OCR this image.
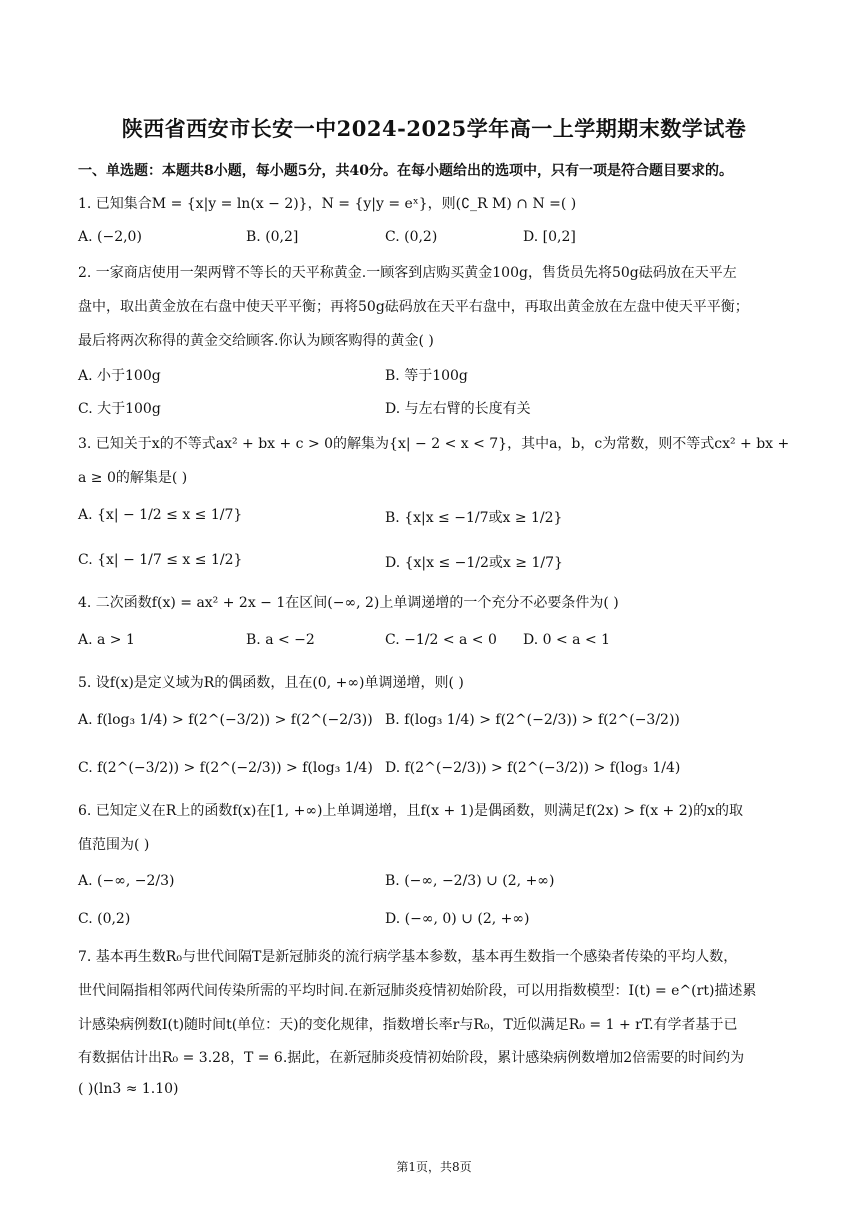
陕西省西安市长安一中2024-2025学年高一上学期期末数学试卷
一、单选题：本题共8小题，每小题5分，共40分。在每小题给出的选项中，只有一项是符合题目要求的。
1. 已知集合M = {x|y = ln(x − 2)}，N = {y|y = eˣ}，则(∁_R M) ∩ N =( )
A. (−2,0)	B. (0,2]	C. (0,2)	D. [0,2]
2. 一家商店使用一架两臂不等长的天平称黄金.一顾客到店购买黄金100g，售货员先将50g砝码放在天平左
盘中，取出黄金放在右盘中使天平平衡；再将50g砝码放在天平右盘中，再取出黄金放在左盘中使天平平衡；
最后将两次称得的黄金交给顾客.你认为顾客购得的黄金( )
A. 小于100g	B. 等于100g
C. 大于100g	D. 与左右臂的长度有关
3. 已知关于x的不等式ax² + bx + c > 0的解集为{x| − 2 < x < 7}，其中a，b，c为常数，则不等式cx² + bx +
a ≥ 0的解集是( )
A. {x| − 1/2 ≤ x ≤ 1/7}	B. {x|x ≤ −1/7或x ≥ 1/2}
C. {x| − 1/7 ≤ x ≤ 1/2}	D. {x|x ≤ −1/2或x ≥ 1/7}
4. 二次函数f(x) = ax² + 2x − 1在区间(−∞, 2)上单调递增的一个充分不必要条件为( )
A. a > 1	B. a < −2	C. −1/2 < a < 0 D. 0 < a < 1
5. 设f(x)是定义域为R的偶函数，且在(0, +∞)单调递增，则( )
A. f(log₃ 1/4) > f(2^(−3/2)) > f(2^(−2/3)) B. f(log₃ 1/4) > f(2^(−2/3)) > f(2^(−3/2))
C. f(2^(−3/2)) > f(2^(−2/3)) > f(log₃ 1/4) D. f(2^(−2/3)) > f(2^(−3/2)) > f(log₃ 1/4)
6. 已知定义在R上的函数f(x)在[1, +∞)上单调递增，且f(x + 1)是偶函数，则满足f(2x) > f(x + 2)的x的取
值范围为( )
A. (−∞, −2/3)	B. (−∞, −2/3) ∪ (2, +∞)
C. (0,2)	D. (−∞, 0) ∪ (2, +∞)
7. 基本再生数R₀与世代间隔T是新冠肺炎的流行病学基本参数，基本再生数指一个感染者传染的平均人数，
世代间隔指相邻两代间传染所需的平均时间.在新冠肺炎疫情初始阶段，可以用指数模型：I(t) = e^(rt)描述累
计感染病例数I(t)随时间t(单位：天)的变化规律，指数增长率r与R₀，T近似满足R₀ = 1 + rT.有学者基于已
有数据估计出R₀ = 3.28，T = 6.据此，在新冠肺炎疫情初始阶段，累计感染病例数增加2倍需要的时间约为
( )(ln3 ≈ 1.10)
第1页，共8页
